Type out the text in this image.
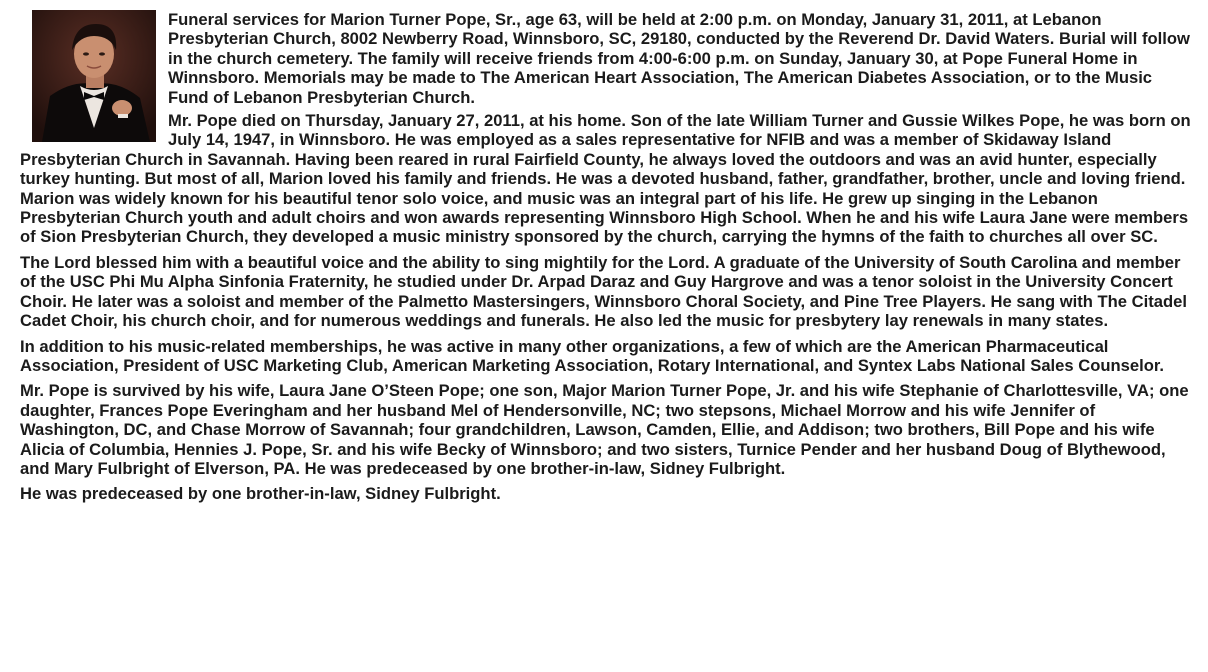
Funeral services for Marion Turner Pope, Sr., age 63, will be held at 2:00 p.m. on Monday, January 31, 2011, at Lebanon Presbyterian Church, 8002 Newberry Road, Winnsboro, SC, 29180, conducted by the Reverend Dr. David Waters. Burial will follow in the church cemetery. The family will receive friends from 4:00-6:00 p.m. on Sunday, January 30, at Pope Funeral Home in Winnsboro. Memorials may be made to The American Heart Association, The American Diabetes Association, or to the Music Fund of Lebanon Presbyterian Church.

Mr. Pope died on Thursday, January 27, 2011, at his home. Son of the late William Turner and Gussie Wilkes Pope, he was born on July 14, 1947, in Winnsboro. He was employed as a sales representative for NFIB and was a member of Skidaway Island Presbyterian Church in Savannah. Having been reared in rural Fairfield County, he always loved the outdoors and was an avid hunter, especially turkey hunting. But most of all, Marion loved his family and friends. He was a devoted husband, father, grandfather, brother, uncle and loving friend. Marion was widely known for his beautiful tenor solo voice, and music was an integral part of his life. He grew up singing in the Lebanon Presbyterian Church youth and adult choirs and won awards representing Winnsboro High School. When he and his wife Laura Jane were members of Sion Presbyterian Church, they developed a music ministry sponsored by the church, carrying the hymns of the faith to churches all over SC.

The Lord blessed him with a beautiful voice and the ability to sing mightily for the Lord. A graduate of the University of South Carolina and member of the USC Phi Mu Alpha Sinfonia Fraternity, he studied under Dr. Arpad Daraz and Guy Hargrove and was a tenor soloist in the University Concert Choir. He later was a soloist and member of the Palmetto Mastersingers, Winnsboro Choral Society, and Pine Tree Players. He sang with The Citadel Cadet Choir, his church choir, and for numerous weddings and funerals. He also led the music for presbytery lay renewals in many states.

In addition to his music-related memberships, he was active in many other organizations, a few of which are the American Pharmaceutical Association, President of USC Marketing Club, American Marketing Association, Rotary International, and Syntex Labs National Sales Counselor.

Mr. Pope is survived by his wife, Laura Jane O’Steen Pope; one son, Major Marion Turner Pope, Jr. and his wife Stephanie of Charlottesville, VA; one daughter, Frances Pope Everingham and her husband Mel of Hendersonville, NC; two stepsons, Michael Morrow and his wife Jennifer of Washington, DC, and Chase Morrow of Savannah; four grandchildren, Lawson, Camden, Ellie, and Addison; two brothers, Bill Pope and his wife Alicia of Columbia, Hennies J. Pope, Sr. and his wife Becky of Winnsboro; and two sisters, Turnice Pender and her husband Doug of Blythewood, and Mary Fulbright of Elverson, PA. He was predeceased by one brother-in-law, Sidney Fulbright.

He was predeceased by one brother-in-law, Sidney Fulbright.
